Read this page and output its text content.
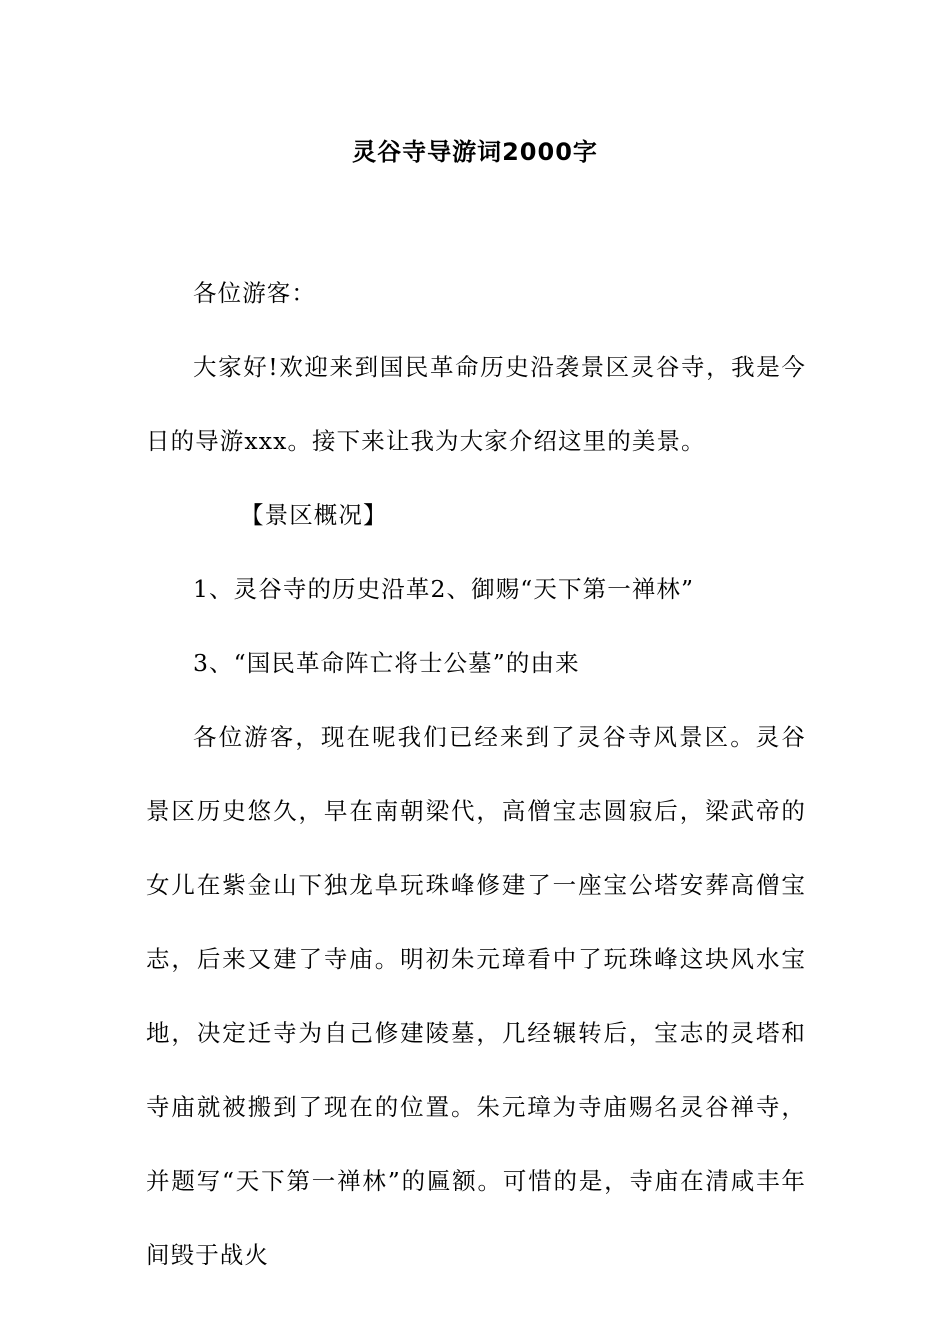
灵谷寺导游词2000字

各位游客：

大家好!欢迎来到国民革命历史沿袭景区灵谷寺，我是今日的导游xxx。接下来让我为大家介绍这里的美景。

【景区概况】

1、灵谷寺的历史沿革2、御赐“天下第一禅林”

3、“国民革命阵亡将士公墓”的由来

各位游客，现在呢我们已经来到了灵谷寺风景区。灵谷景区历史悠久，早在南朝梁代，高僧宝志圆寂后，梁武帝的女儿在紫金山下独龙阜玩珠峰修建了一座宝公塔安葬高僧宝志，后来又建了寺庙。明初朱元璋看中了玩珠峰这块风水宝地，决定迁寺为自己修建陵墓，几经辗转后，宝志的灵塔和寺庙就被搬到了现在的位置。朱元璋为寺庙赐名灵谷禅寺，并题写“天下第一禅林”的匾额。可惜的是，寺庙在清咸丰年间毁于战火
